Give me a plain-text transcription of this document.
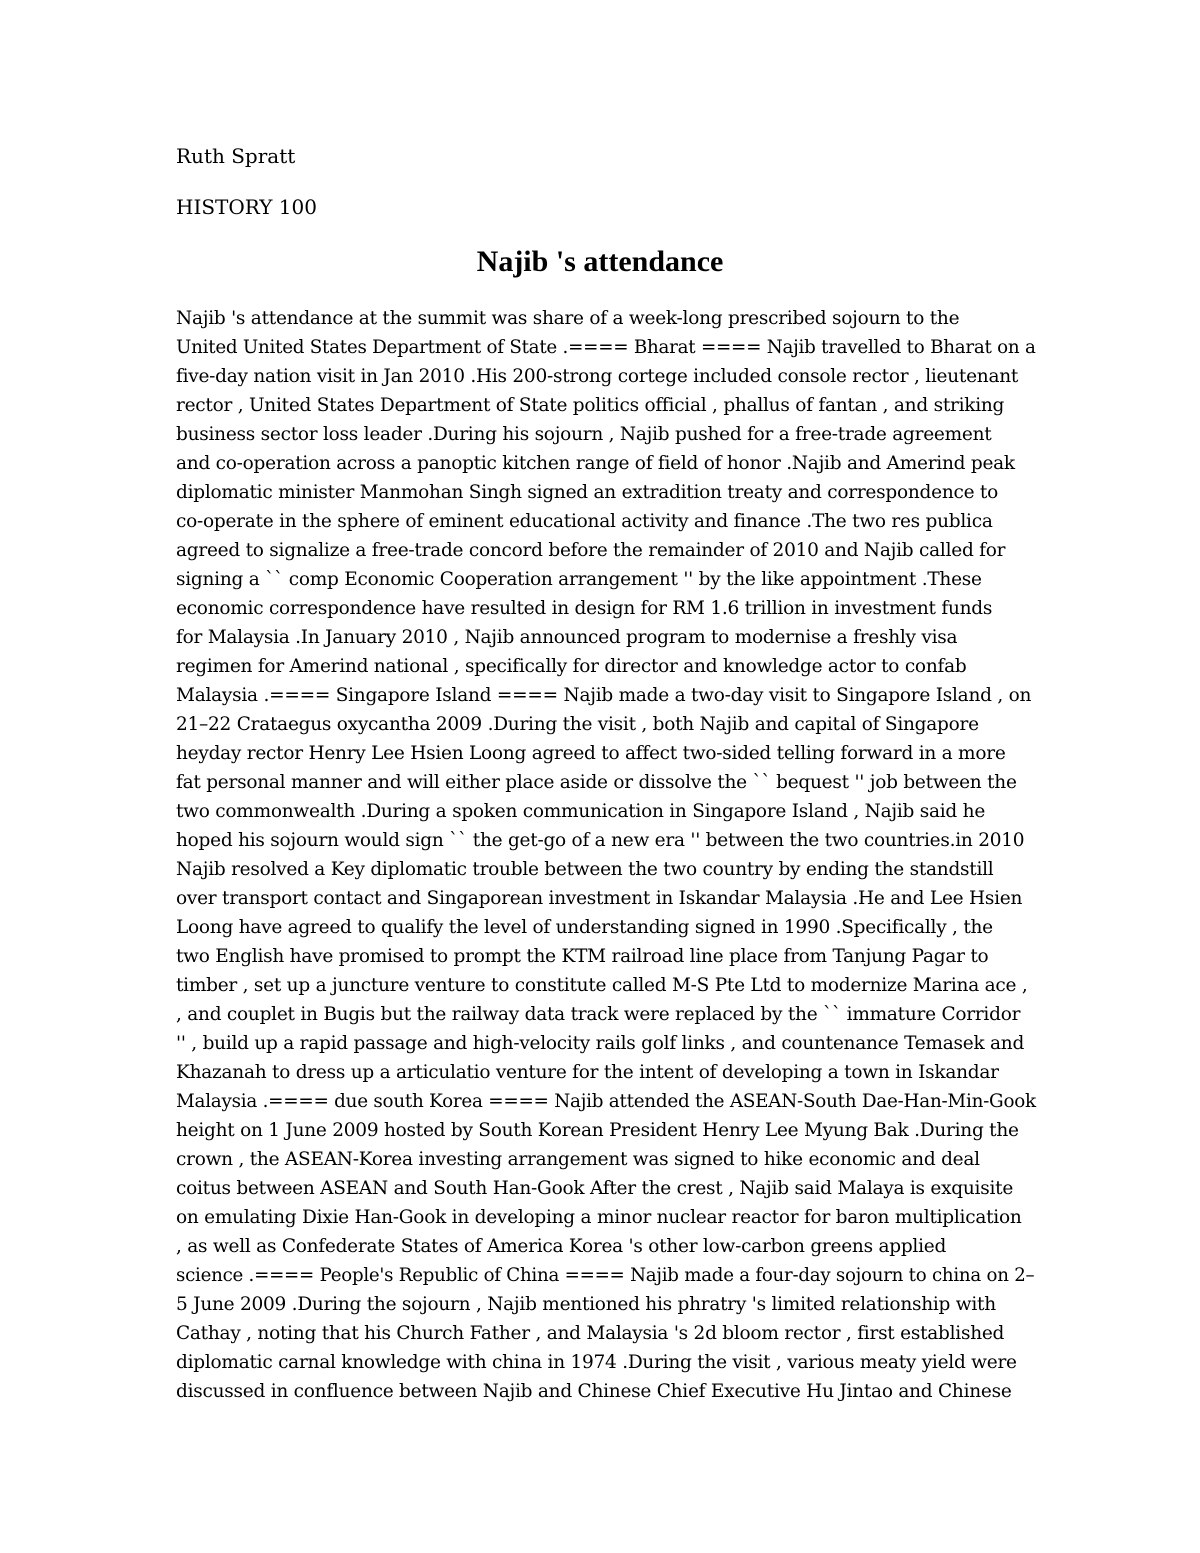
Ruth Spratt
HISTORY 100
Najib 's attendance
Najib 's attendance at the summit was share of a week-long prescribed sojourn to the
United United States Department of State .==== Bharat ==== Najib travelled to Bharat on a
five-day nation visit in Jan 2010 .His 200-strong cortege included console rector , lieutenant
rector , United States Department of State politics official , phallus of fantan , and striking
business sector loss leader .During his sojourn , Najib pushed for a free-trade agreement
and co-operation across a panoptic kitchen range of field of honor .Najib and Amerind peak
diplomatic minister Manmohan Singh signed an extradition treaty and correspondence to
co-operate in the sphere of eminent educational activity and finance .The two res publica
agreed to signalize a free-trade concord before the remainder of 2010 and Najib called for
signing a `` comp Economic Cooperation arrangement '' by the like appointment .These
economic correspondence have resulted in design for RM 1.6 trillion in investment funds
for Malaysia .In January 2010 , Najib announced program to modernise a freshly visa
regimen for Amerind national , specifically for director and knowledge actor to confab
Malaysia .==== Singapore Island ==== Najib made a two-day visit to Singapore Island , on
21–22 Crataegus oxycantha 2009 .During the visit , both Najib and capital of Singapore
heyday rector Henry Lee Hsien Loong agreed to affect two-sided telling forward in a more
fat personal manner and will either place aside or dissolve the `` bequest '' job between the
two commonwealth .During a spoken communication in Singapore Island , Najib said he
hoped his sojourn would sign `` the get-go of a new era '' between the two countries.in 2010
Najib resolved a Key diplomatic trouble between the two country by ending the standstill
over transport contact and Singaporean investment in Iskandar Malaysia .He and Lee Hsien
Loong have agreed to qualify the level of understanding signed in 1990 .Specifically , the
two English have promised to prompt the KTM railroad line place from Tanjung Pagar to
timber , set up a juncture venture to constitute called M-S Pte Ltd to modernize Marina ace ,
, and couplet in Bugis but the railway data track were replaced by the `` immature Corridor
'' , build up a rapid passage and high-velocity rails golf links , and countenance Temasek and
Khazanah to dress up a articulatio venture for the intent of developing a town in Iskandar
Malaysia .==== due south Korea ==== Najib attended the ASEAN-South Dae-Han-Min-Gook
height on 1 June 2009 hosted by South Korean President Henry Lee Myung Bak .During the
crown , the ASEAN-Korea investing arrangement was signed to hike economic and deal
coitus between ASEAN and South Han-Gook After the crest , Najib said Malaya is exquisite
on emulating Dixie Han-Gook in developing a minor nuclear reactor for baron multiplication
, as well as Confederate States of America Korea 's other low-carbon greens applied
science .==== People's Republic of China ==== Najib made a four-day sojourn to china on 2–
5 June 2009 .During the sojourn , Najib mentioned his phratry 's limited relationship with
Cathay , noting that his Church Father , and Malaysia 's 2d bloom rector , first established
diplomatic carnal knowledge with china in 1974 .During the visit , various meaty yield were
discussed in confluence between Najib and Chinese Chief Executive Hu Jintao and Chinese
